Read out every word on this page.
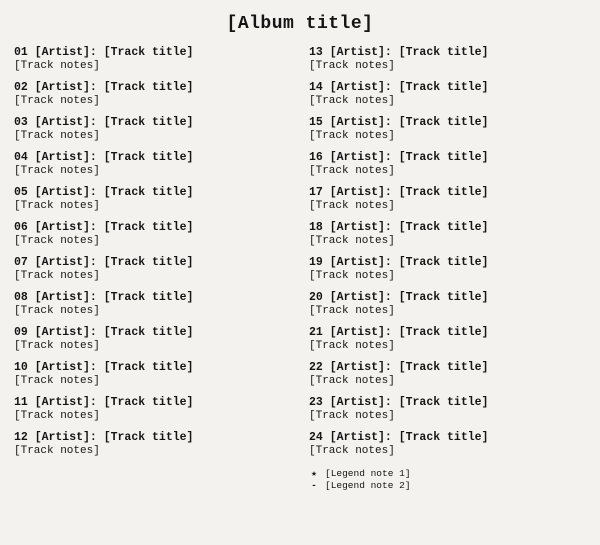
[Album title]
01 [Artist]: [Track title]
[Track notes]
02 [Artist]: [Track title]
[Track notes]
03 [Artist]: [Track title]
[Track notes]
04 [Artist]: [Track title]
[Track notes]
05 [Artist]: [Track title]
[Track notes]
06 [Artist]: [Track title]
[Track notes]
07 [Artist]: [Track title]
[Track notes]
08 [Artist]: [Track title]
[Track notes]
09 [Artist]: [Track title]
[Track notes]
10 [Artist]: [Track title]
[Track notes]
11 [Artist]: [Track title]
[Track notes]
12 [Artist]: [Track title]
[Track notes]
13 [Artist]: [Track title]
[Track notes]
14 [Artist]: [Track title]
[Track notes]
15 [Artist]: [Track title]
[Track notes]
16 [Artist]: [Track title]
[Track notes]
17 [Artist]: [Track title]
[Track notes]
18 [Artist]: [Track title]
[Track notes]
19 [Artist]: [Track title]
[Track notes]
20 [Artist]: [Track title]
[Track notes]
21 [Artist]: [Track title]
[Track notes]
22 [Artist]: [Track title]
[Track notes]
23 [Artist]: [Track title]
[Track notes]
24 [Artist]: [Track title]
[Track notes]
★ [Legend note 1]
- [Legend note 2]
